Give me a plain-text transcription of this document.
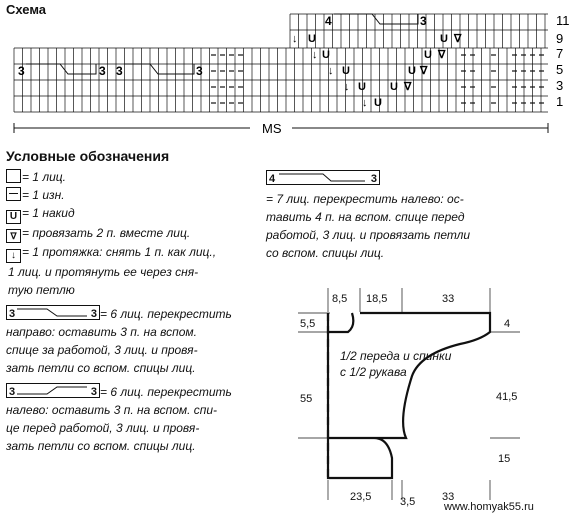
Схема
U
U
U
U
U
U
U
U
U
↓
↓
↓
↓
↓
∇
∇
∇
∇
MS
11
9
7
5
3
1
3	3 3	3
4	3
Условные обозначения
= 1 лиц.
= 1 изн.
U = 1 накид
∇ = провязать 2 п. вместе лиц.
↓ = 1 протяжка: снять 1 п. как лиц.,
1 лиц. и протянуть ее через сня-
тую петлю
3	3 = 6 лиц. перекрестить
направо: оставить 3 п. на вспом.
спице за работой, 3 лиц. и провя-
зать петли со вспом. спицы лиц.
3	3 = 6 лиц. перекрестить
налево: оставить 3 п. на вспом. спи-
це перед работой, 3 лиц. и провя-
зать петли со вспом. спицы лиц.
4	3
= 7 лиц. перекрестить налево: ос-
тавить 4 п. на вспом. спице перед
работой, 3 лиц. и провязать петли
со вспом. спицы лиц.
8,5 18,5	33
5,5	4
55	41,5
15
23,5	3,5 33
1/2 переда и спинки
с 1/2 рукава
www.homyak55.ru
